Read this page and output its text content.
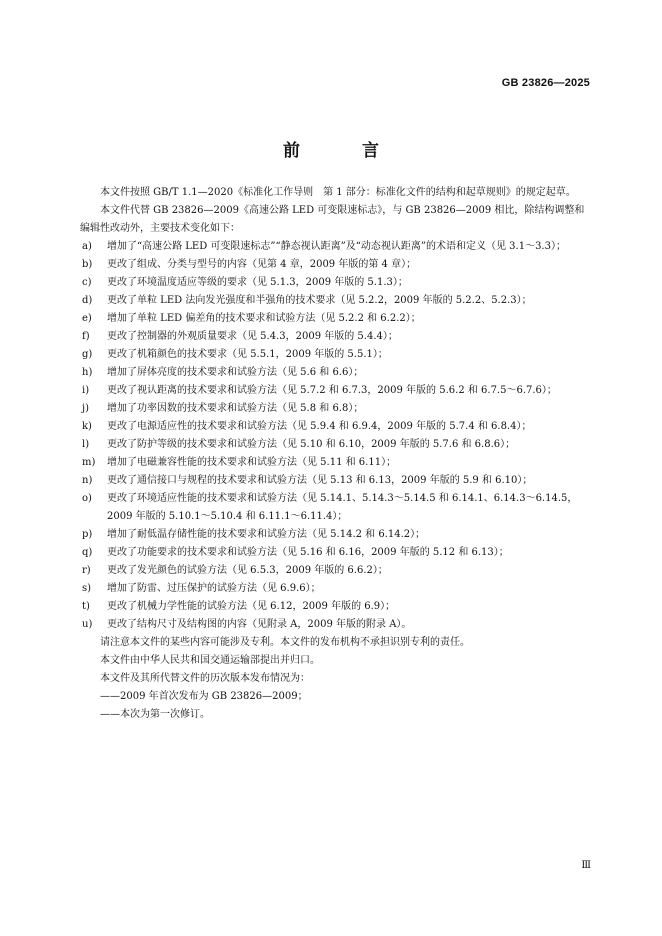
GB 23826—2025
前 言

本文件按照 GB/T 1.1—2020《标准化工作导则　第 1 部分：标准化文件的结构和起草规则》的规定起草。

本文件代替 GB 23826—2009《高速公路 LED 可变限速标志》，与 GB 23826—2009 相比，除结构调整和编辑性改动外，主要技术变化如下：

a)	增加了“高速公路 LED 可变限速标志”“静态视认距离”及“动态视认距离”的术语和定义（见 3.1～3.3）；
b)	更改了组成、分类与型号的内容（见第 4 章，2009 年版的第 4 章）；
c)	更改了环境温度适应等级的要求（见 5.1.3，2009 年版的 5.1.3）；
d)	更改了单粒 LED 法向发光强度和半强角的技术要求（见 5.2.2，2009 年版的 5.2.2、5.2.3）；
e)	增加了单粒 LED 偏差角的技术要求和试验方法（见 5.2.2 和 6.2.2）；
f)	更改了控制器的外观质量要求（见 5.4.3，2009 年版的 5.4.4）；
g)	更改了机箱颜色的技术要求（见 5.5.1，2009 年版的 5.5.1）；
h)	增加了屏体亮度的技术要求和试验方法（见 5.6 和 6.6）；
i)	更改了视认距离的技术要求和试验方法（见 5.7.2 和 6.7.3，2009 年版的 5.6.2 和 6.7.5～6.7.6）；
j)	增加了功率因数的技术要求和试验方法（见 5.8 和 6.8）；
k)	更改了电源适应性的技术要求和试验方法（见 5.9.4 和 6.9.4，2009 年版的 5.7.4 和 6.8.4）；
l)	更改了防护等级的技术要求和试验方法（见 5.10 和 6.10，2009 年版的 5.7.6 和 6.8.6）；
m)	增加了电磁兼容性能的技术要求和试验方法（见 5.11 和 6.11）；
n)	更改了通信接口与规程的技术要求和试验方法（见 5.13 和 6.13，2009 年版的 5.9 和 6.10）；
o)	更改了环境适应性能的技术要求和试验方法（见 5.14.1、5.14.3～5.14.5 和 6.14.1、6.14.3～6.14.5，2009 年版的 5.10.1～5.10.4 和 6.11.1～6.11.4）；
p)	增加了耐低温存储性能的技术要求和试验方法（见 5.14.2 和 6.14.2）；
q)	更改了功能要求的技术要求和试验方法（见 5.16 和 6.16，2009 年版的 5.12 和 6.13）；
r)	更改了发光颜色的试验方法（见 6.5.3，2009 年版的 6.6.2）；
s)	增加了防雷、过压保护的试验方法（见 6.9.6）；
t)	更改了机械力学性能的试验方法（见 6.12，2009 年版的 6.9）；
u)	更改了结构尺寸及结构图的内容（见附录 A，2009 年版的附录 A）。

请注意本文件的某些内容可能涉及专利。本文件的发布机构不承担识别专利的责任。

本文件由中华人民共和国交通运输部提出并归口。

本文件及其所代替文件的历次版本发布情况为：

——2009 年首次发布为 GB 23826—2009；

——本次为第一次修订。

Ⅲ
